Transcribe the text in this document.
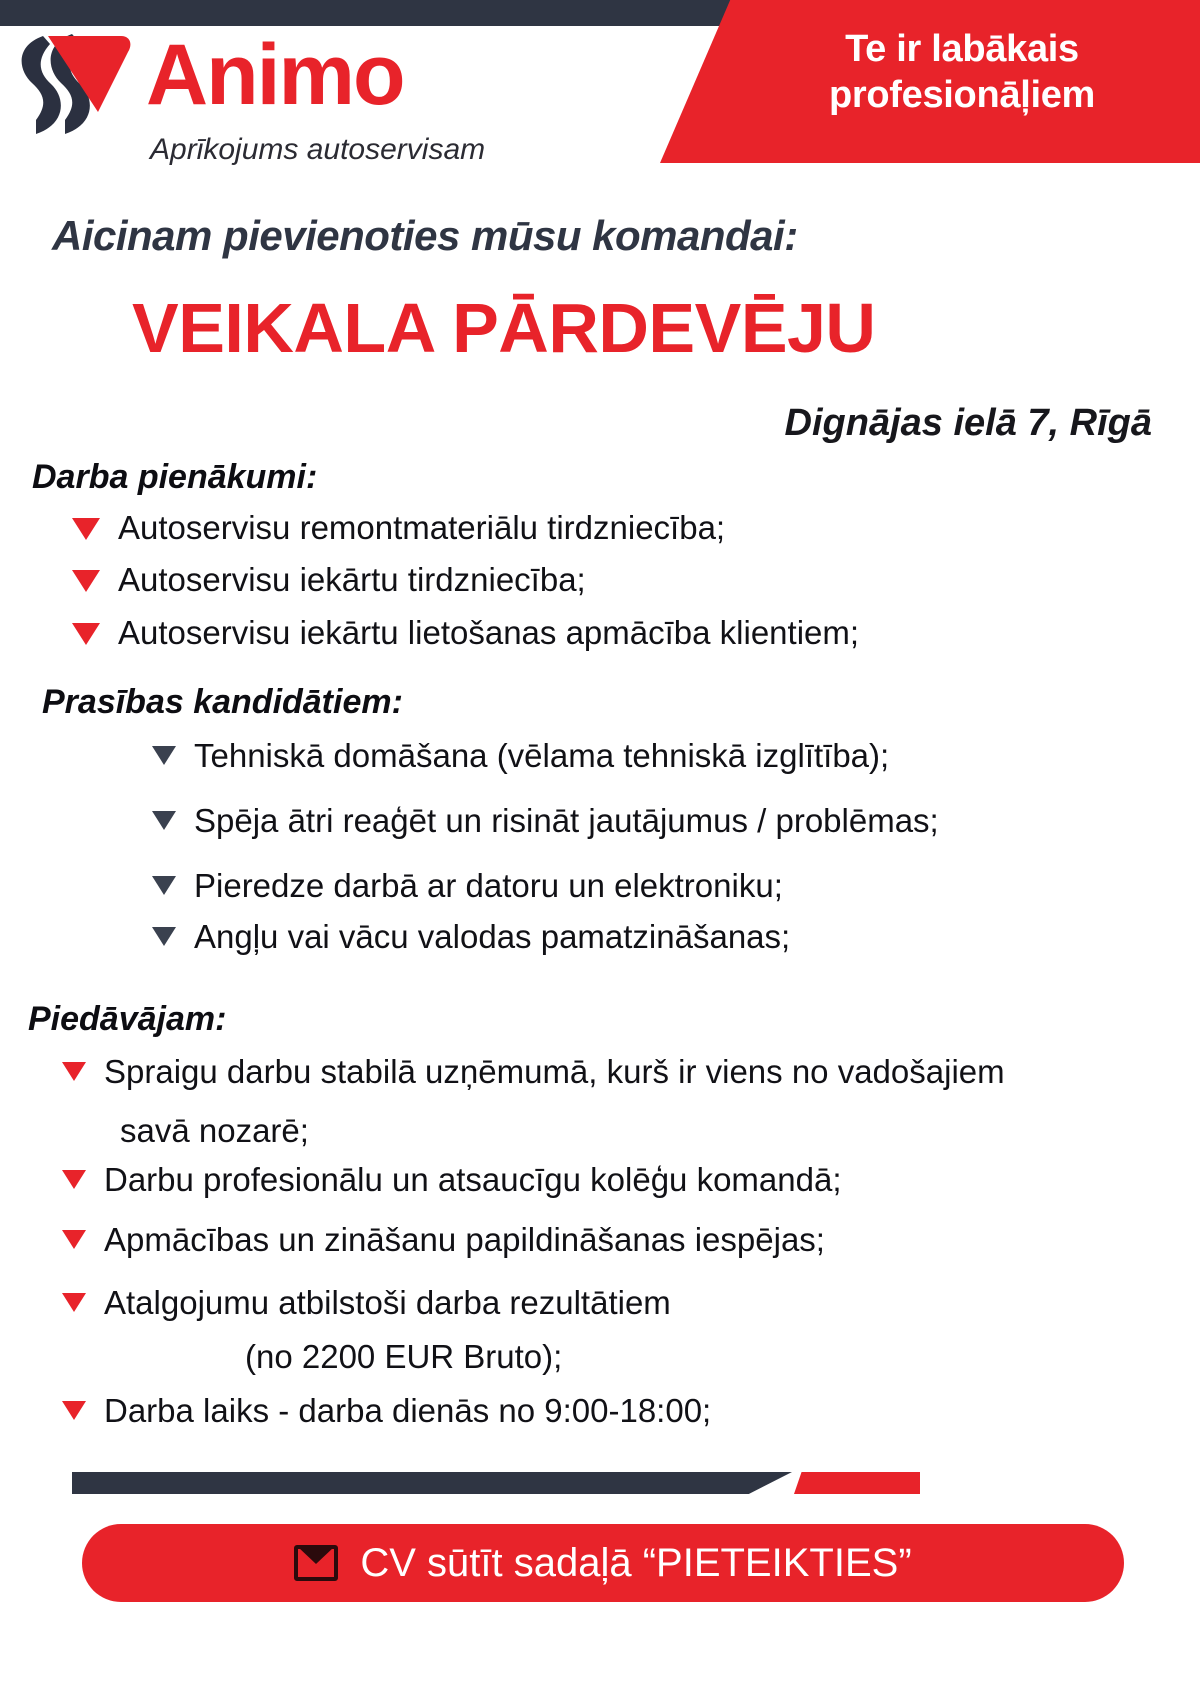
Te ir labākais profesionāļiem
Animo
Aprīkojums autoservisam
Aicinam pievienoties mūsu komandai:
VEIKALA PĀRDEVĒJU
Dignājas ielā 7, Rīgā
Darba pienākumi:
Autoservisu remontmateriālu tirdzniecība;
Autoservisu iekārtu tirdzniecība;
Autoservisu iekārtu lietošanas apmācība klientiem;
Prasības kandidātiem:
Tehniskā domāšana (vēlama tehniskā izglītība);
Spēja ātri reaģēt un risināt jautājumus / problēmas;
Pieredze darbā ar datoru un elektroniku;
Angļu vai vācu valodas pamatzināšanas;
Piedāvājam:
Spraigu darbu stabilā uzņēmumā, kurš ir viens no vadošajiem
savā nozarē;
Darbu profesionālu un atsaucīgu kolēģu komandā;
Apmācības un zināšanu papildināšanas iespējas;
Atalgojumu atbilstoši darba rezultātiem
(no 2200 EUR Bruto);
Darba laiks - darba dienās no 9:00-18:00;
CV sūtīt sadaļā “PIETEIKTIES”
